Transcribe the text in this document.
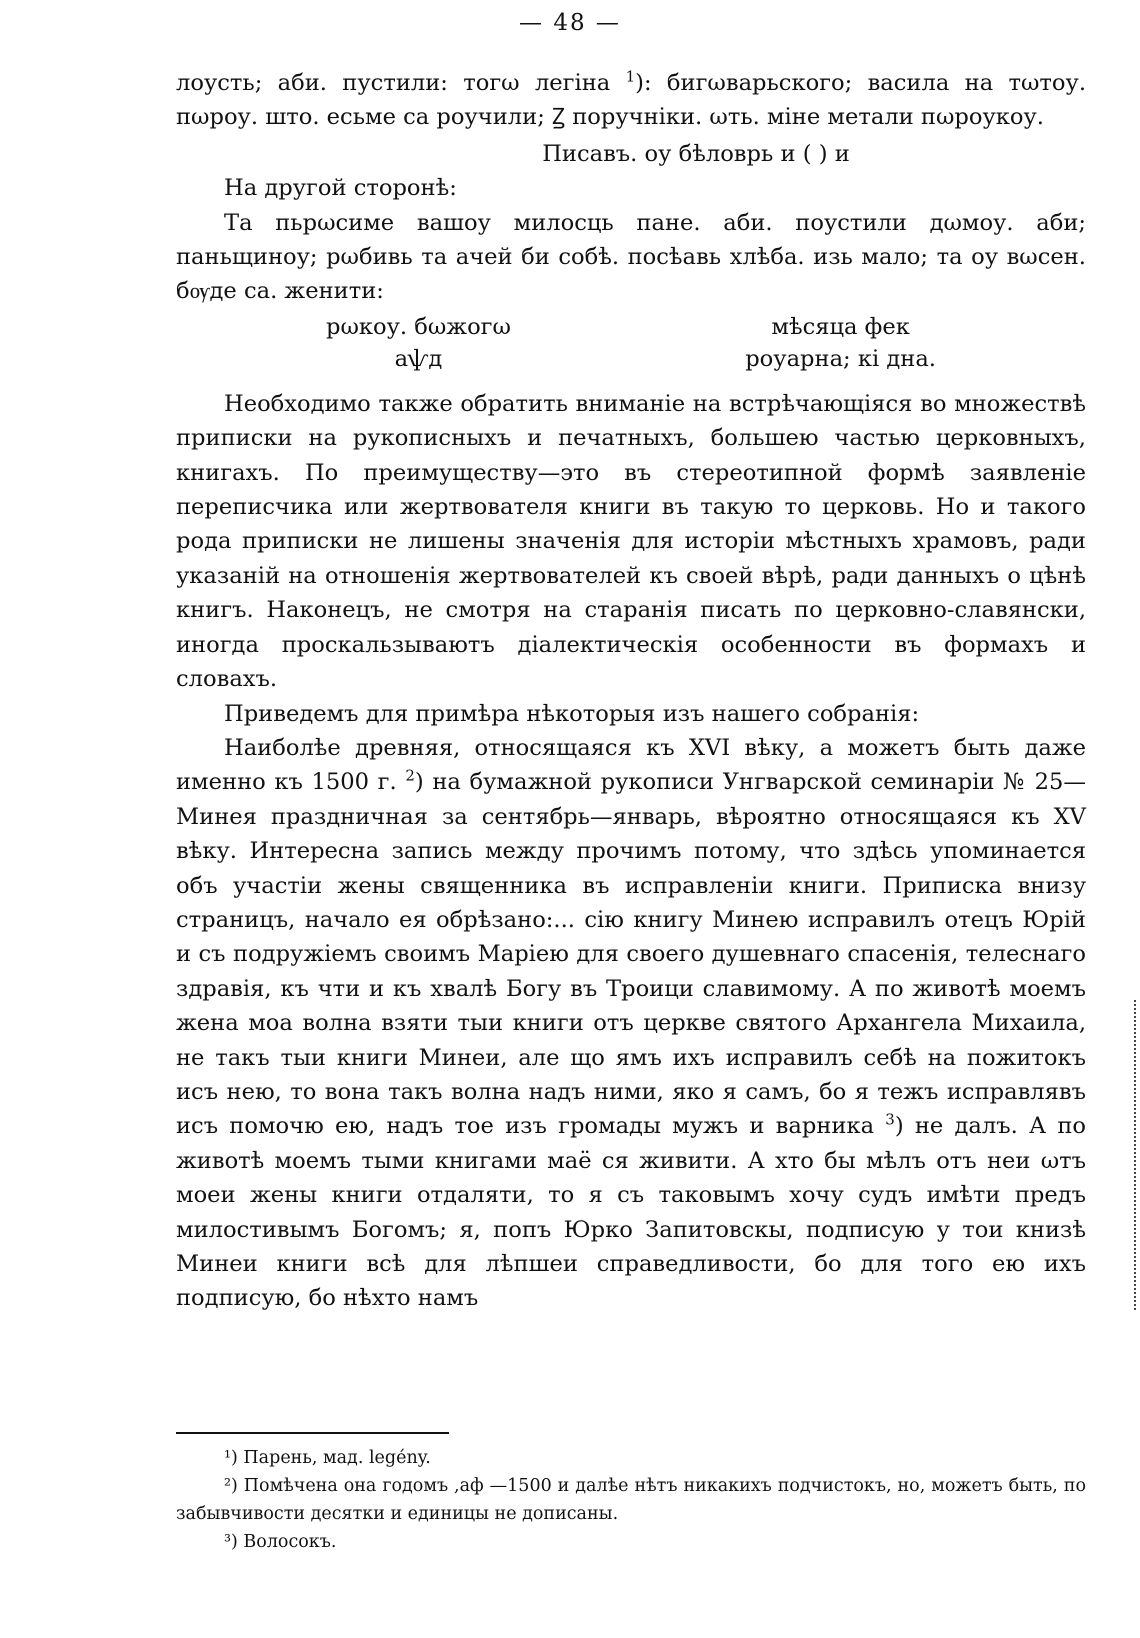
— 48 —

лоусть; аби. пустили: тогω легіна $^1$): бигωварьского; васила на тωтоу. пωроу. што. есьме са роучили; Ꙁ поручніки. ωть. міне метали пωроукоу.

Писавъ. оу бѣловрь и ( ) и

На другой сторонѣ:

Та пьрωсиме вашоу милосць пане. аби. поустили дωмоу. аби; паньщиноу; рωбивь та ачей би собѣ. посѣавь хлѣба. изь мало; та оу вωсен. бѹде са. женити:

рωкоу. бωжогω
аѱд
мѣсяца фек
роуарна; кі дна.

Необходимо также обратить вниманіе на встрѣчающіяся во множествѣ приписки на рукописныхъ и печатныхъ, большею частью церковныхъ, книгахъ. По преимуществу—это въ стереотипной формѣ заявленіе переписчика или жертвователя книги въ такую то церковь. Но и такого рода приписки не лишены значенія для исторіи мѣстныхъ храмовъ, ради указаній на отношенія жертвователей къ своей вѣрѣ, ради данныхъ о цѣнѣ книгъ. Наконецъ, не смотря на старанія писать по церковно-славянски, иногда проскальзываютъ діалектическія особенности въ формахъ и словахъ.

Приведемъ для примѣра нѣкоторыя изъ нашего собранія:

Наиболѣе древняя, относящаяся къ XVI вѣку, а можетъ быть даже именно къ 1500 г. $^2$) на бумажной рукописи Унгварской семинаріи № 25—Минея праздничная за сентябрь—январь, вѣроятно относящаяся къ XV вѣку. Интересна запись между прочимъ потому, что здѣсь упоминается объ участіи жены священника въ исправленіи книги. Приписка внизу страницъ, начало ея обрѣзано:... сію книгу Минею исправилъ отецъ Юрій и съ подружіемъ своимъ Маріею для своего душевнаго спасенія, телеснаго здравія, къ чти и къ хвалѣ Богу въ Троици славимому. А по животѣ моемъ жена моа волна взяти тыи книги отъ церкве святого Архангела Михаила, не такъ тыи книги Минеи, але що ямъ ихъ исправилъ себѣ на пожитокъ исъ нею, то вона такъ волна надъ ними, яко я самъ, бо я тежъ исправлявъ исъ помочю ею, надъ тое изъ громады мужъ и варника $^3$) не далъ. А по животѣ моемъ тыми книгами маё ся живити. А хто бы мѣлъ отъ неи ωтъ моеи жены книги отдаляти, то я съ таковымъ хочу судъ имѣти предъ милостивымъ Богомъ; я, попъ Юрко Запитовскы, подписую у тои книзѣ Минеи книги всѣ для лѣпшеи справедливости, бо для того ею ихъ подписую, бо нѣхто намъ

¹) Парень, мад. legény.

²) Помѣчена она годомъ ,аф —1500 и далѣе нѣтъ никакихъ подчистокъ, но, можетъ быть, по забывчивости десятки и единицы не дописаны.

³) Волосокъ.
